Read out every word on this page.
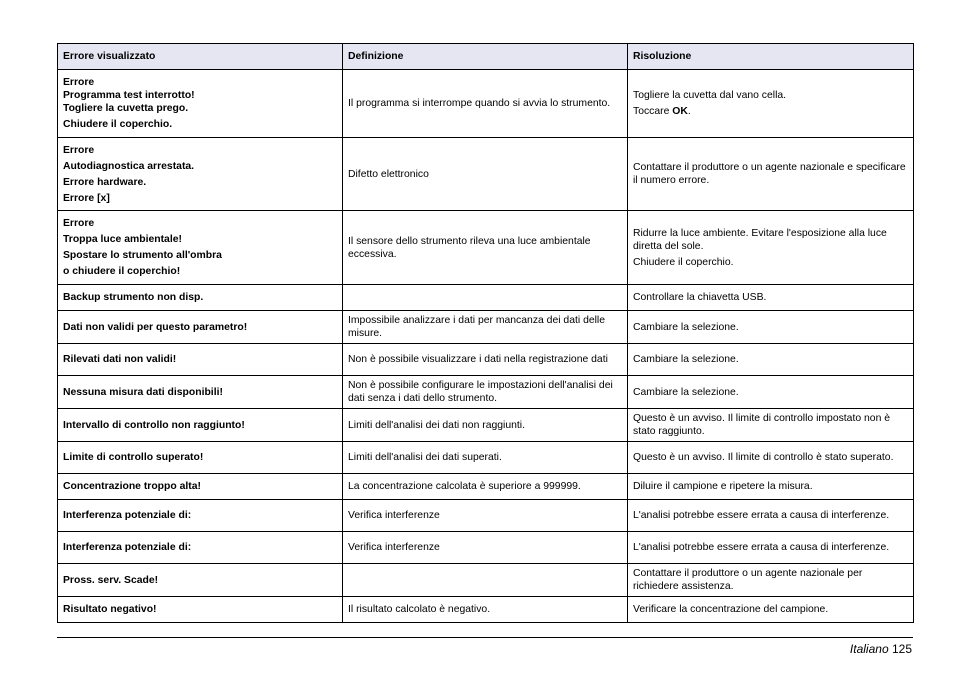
Errore visualizzato	Definizione	Risoluzione

Errore
Programma test interrotto!
Togliere la cuvetta prego.
Chiudere il coperchio.	Il programma si interrompe quando si avvia lo strumento.	Togliere la cuvetta dal vano cella.
Toccare OK.

Errore
Autodiagnostica arrestata.
Errore hardware.
Errore [x]	Difetto elettronico	Contattare il produttore o un agente nazionale e specificare il numero errore.

Errore
Troppa luce ambientale!
Spostare lo strumento all'ombra
o chiudere il coperchio!	Il sensore dello strumento rileva una luce ambientale eccessiva.	Ridurre la luce ambiente. Evitare l'esposizione alla luce diretta del sole.
Chiudere il coperchio.

Backup strumento non disp.		Controllare la chiavetta USB.
Dati non validi per questo parametro!	Impossibile analizzare i dati per mancanza dei dati delle misure.	Cambiare la selezione.
Rilevati dati non validi!	Non è possibile visualizzare i dati nella registrazione dati	Cambiare la selezione.
Nessuna misura dati disponibili!	Non è possibile configurare le impostazioni dell'analisi dei dati senza i dati dello strumento.	Cambiare la selezione.
Intervallo di controllo non raggiunto!	Limiti dell'analisi dei dati non raggiunti.	Questo è un avviso. Il limite di controllo impostato non è stato raggiunto.
Limite di controllo superato!	Limiti dell'analisi dei dati superati.	Questo è un avviso. Il limite di controllo è stato superato.
Concentrazione troppo alta!	La concentrazione calcolata è superiore a 999999.	Diluire il campione e ripetere la misura.
Interferenza potenziale di:	Verifica interferenze	L'analisi potrebbe essere errata a causa di interferenze.
Interferenza potenziale di:	Verifica interferenze	L'analisi potrebbe essere errata a causa di interferenze.
Pross. serv. Scade!		Contattare il produttore o un agente nazionale per richiedere assistenza.
Risultato negativo!	Il risultato calcolato è negativo.	Verificare la concentrazione del campione.
Italiano 125
